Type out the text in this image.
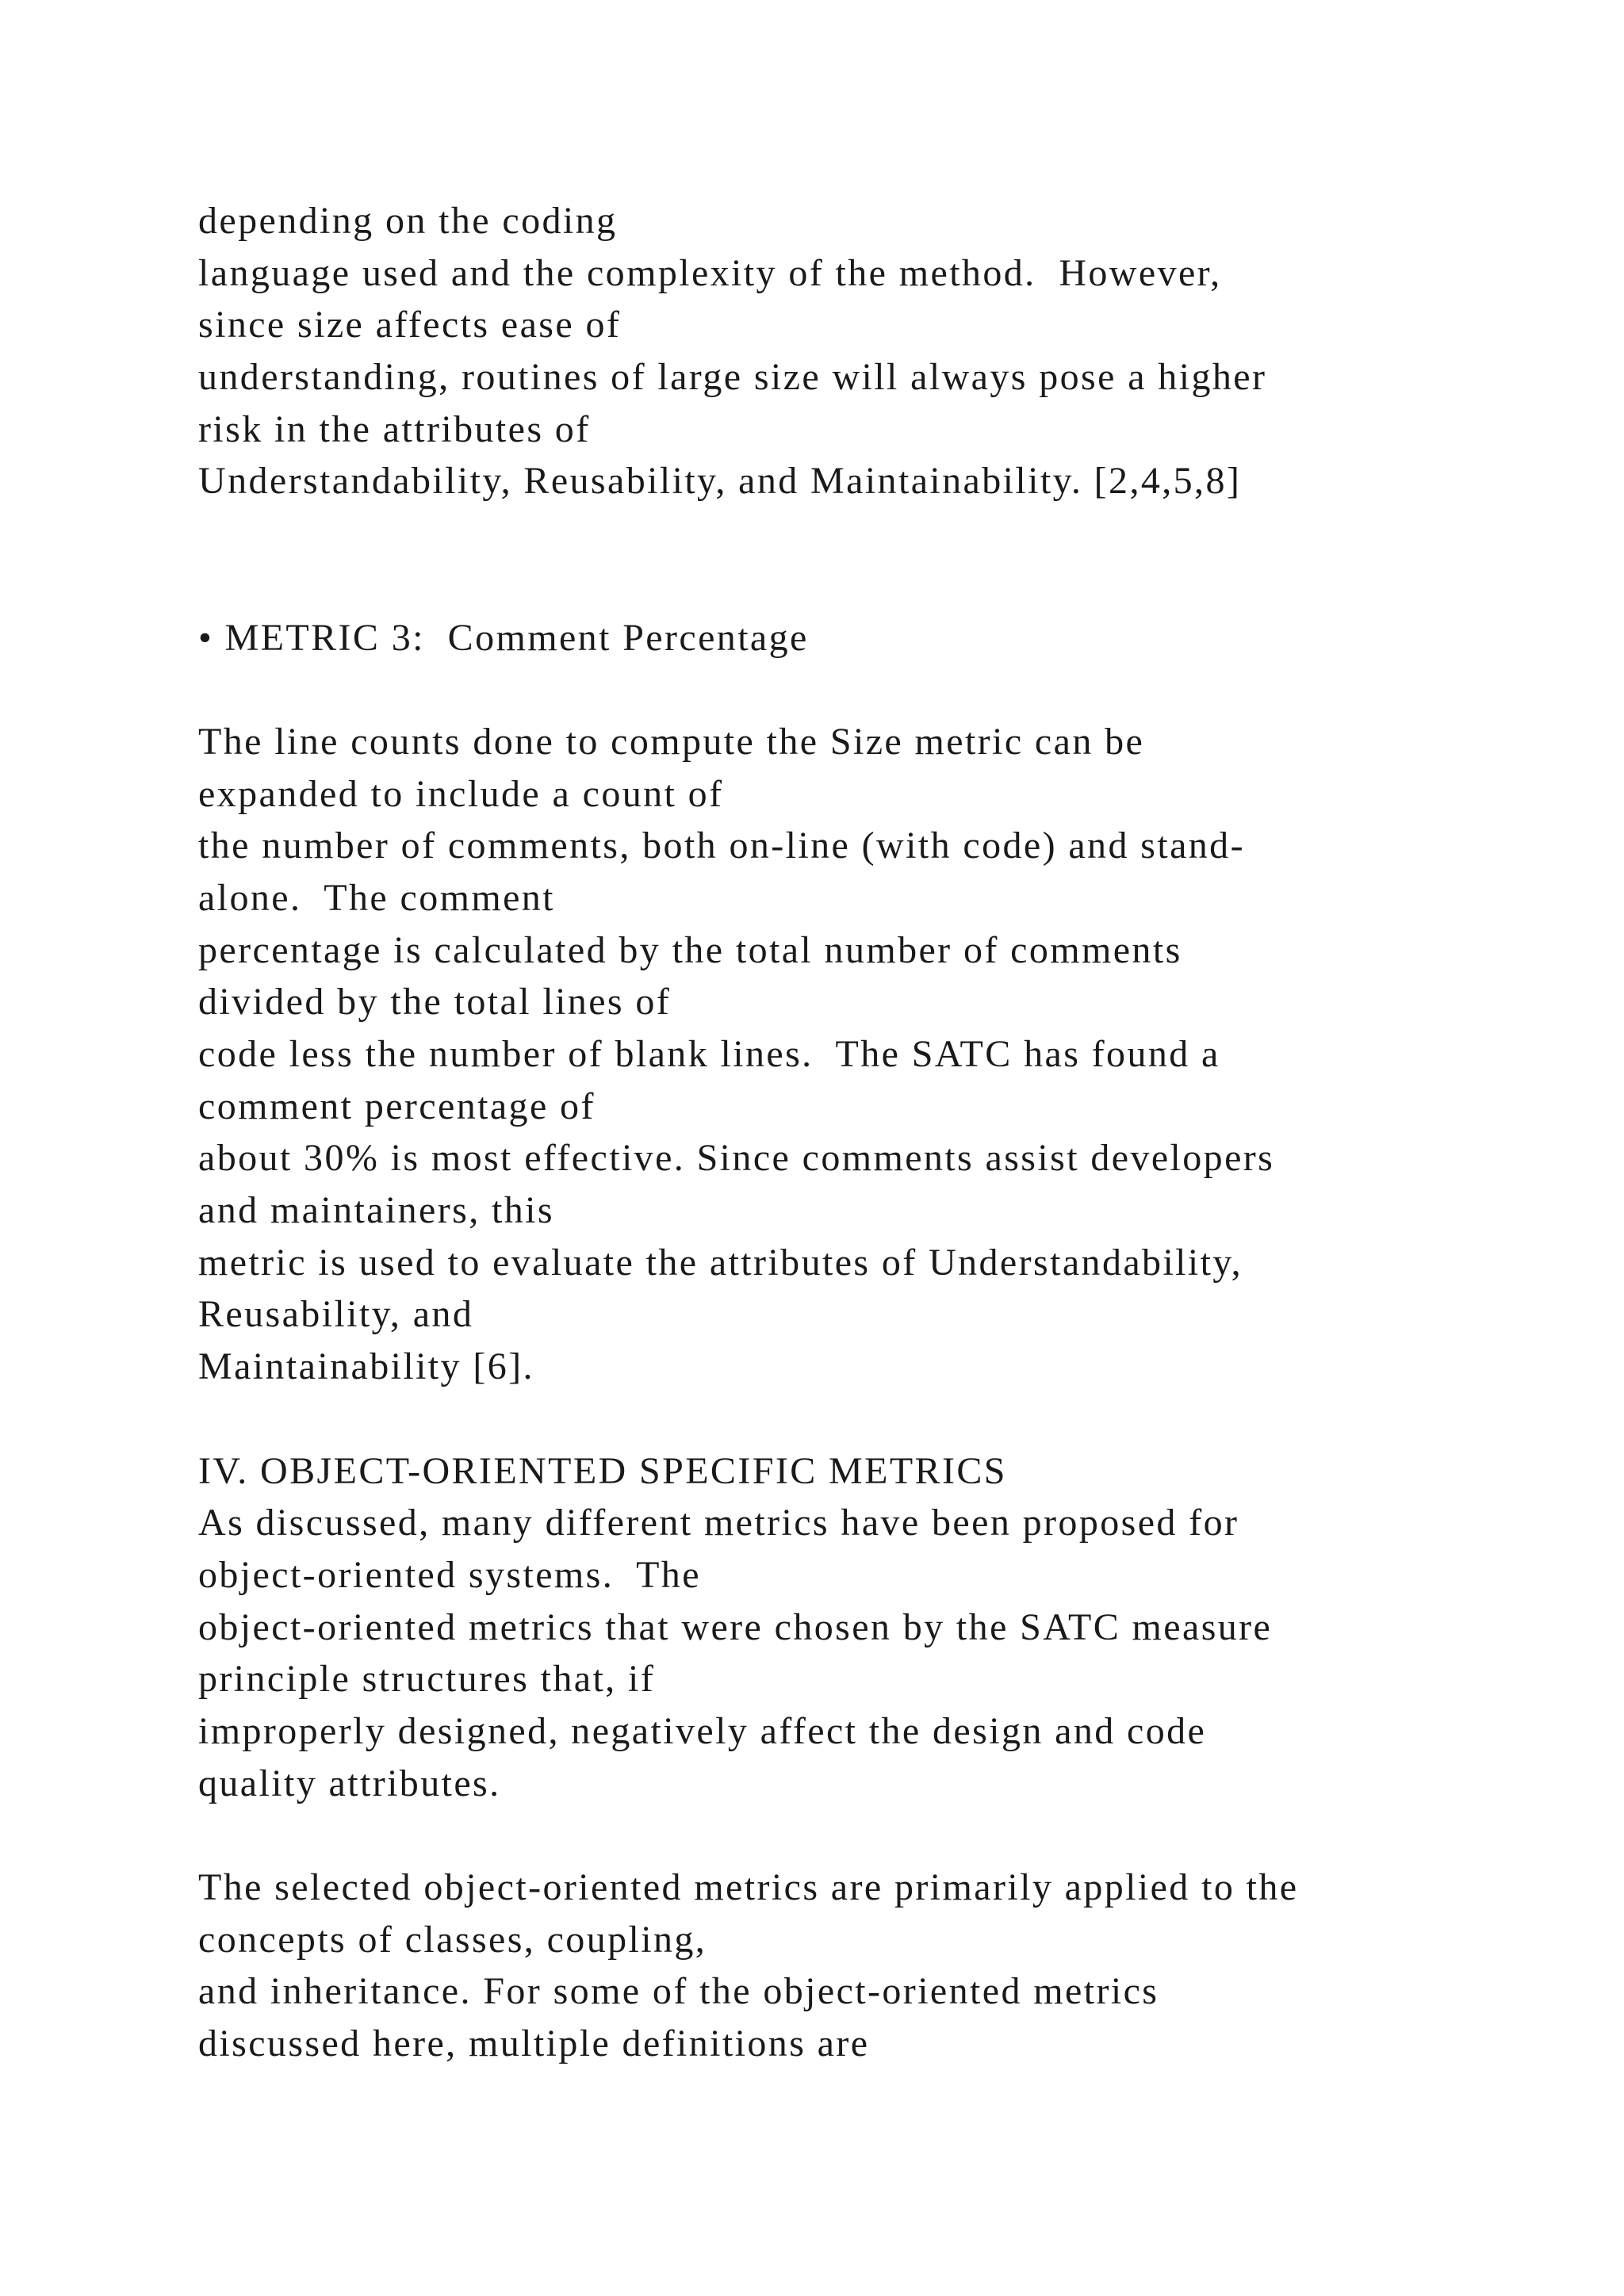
depending on the coding
language used and the complexity of the method.  However,
since size affects ease of
understanding, routines of large size will always pose a higher
risk in the attributes of
Understandability, Reusability, and Maintainability. [2,4,5,8]
• METRIC 3:  Comment Percentage
The line counts done to compute the Size metric can be
expanded to include a count of
the number of comments, both on-line (with code) and stand-
alone.  The comment
percentage is calculated by the total number of comments
divided by the total lines of
code less the number of blank lines.  The SATC has found a
comment percentage of
about 30% is most effective. Since comments assist developers
and maintainers, this
metric is used to evaluate the attributes of Understandability,
Reusability, and
Maintainability [6].
IV. OBJECT-ORIENTED SPECIFIC METRICS
As discussed, many different metrics have been proposed for
object-oriented systems.  The
object-oriented metrics that were chosen by the SATC measure
principle structures that, if
improperly designed, negatively affect the design and code
quality attributes.
The selected object-oriented metrics are primarily applied to the
concepts of classes, coupling,
and inheritance. For some of the object-oriented metrics
discussed here, multiple definitions are
